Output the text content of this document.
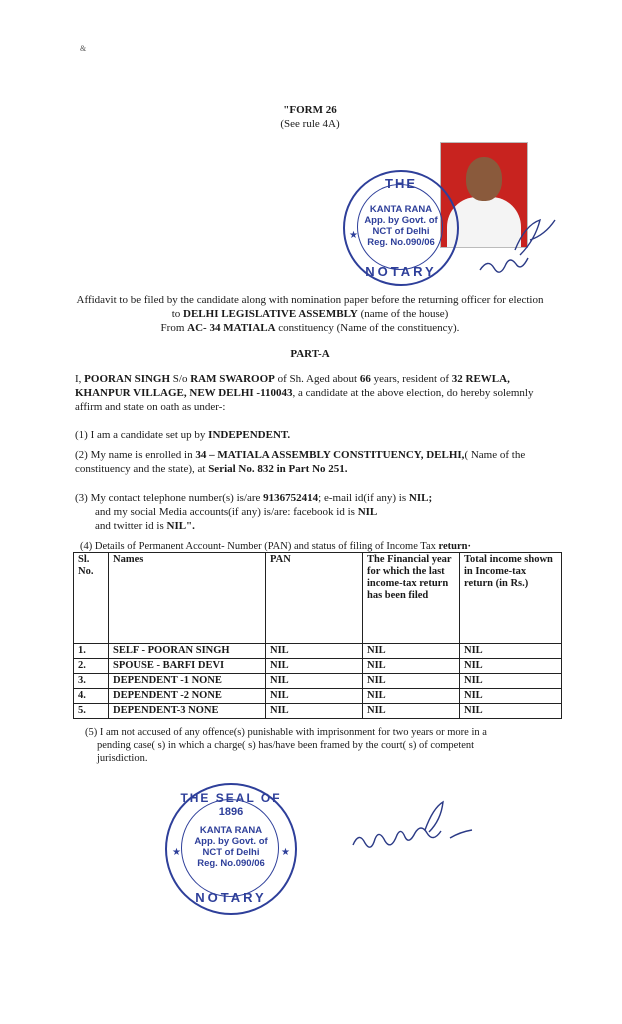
&
"FORM 26
(See rule 4A)
THE
KANTA RANA
App. by Govt. of
NCT of Delhi
Reg. No.090/06
NOTARY
★
Affidavit to be filed by the candidate along with nomination paper before the returning officer for election
to DELHI LEGISLATIVE ASSEMBLY (name of the house)
From AC- 34 MATIALA constituency (Name of the constituency).
PART-A
I, POORAN SINGH S/o RAM SWAROOP of Sh. Aged about 66 years, resident of 32 REWLA,
KHANPUR VILLAGE, NEW DELHI -110043, a candidate at the above election, do hereby solemnly
affirm and state on oath as under-:
(1) I am a candidate set up by INDEPENDENT.
(2) My name is enrolled in 34 – MATIALA ASSEMBLY CONSTITUENCY, DELHI,( Name of the
constituency and the state), at Serial No. 832 in Part No 251.
(3) My contact telephone number(s) is/are 9136752414; e-mail id(if any) is NIL;
and my social Media accounts(if any) is/are: facebook id is NIL
and twitter id is NIL".
(4) Details of Permanent Account- Number (PAN) and status of filing of Income Tax return·
Sl. No.	Names	PAN	The Financial year for which the last income-tax return has been filed	Total income shown in Income-tax return (in Rs.)
1.	SELF - POORAN SINGH	NIL	NIL	NIL
2.	SPOUSE - BARFI DEVI	NIL	NIL	NIL
3.	DEPENDENT -1 NONE	NIL	NIL	NIL
4.	DEPENDENT -2 NONE	NIL	NIL	NIL
5.	DEPENDENT-3 NONE	NIL	NIL	NIL
(5) I am not accused of any offence(s) punishable with imprisonment for two years or more in a
pending case( s) in which a charge( s) has/have been framed by the court( s) of competent
jurisdiction.
THE SEAL OF
1896
KANTA RANA
App. by Govt. of
NCT of Delhi
Reg. No.090/06
NOTARY
★	★
